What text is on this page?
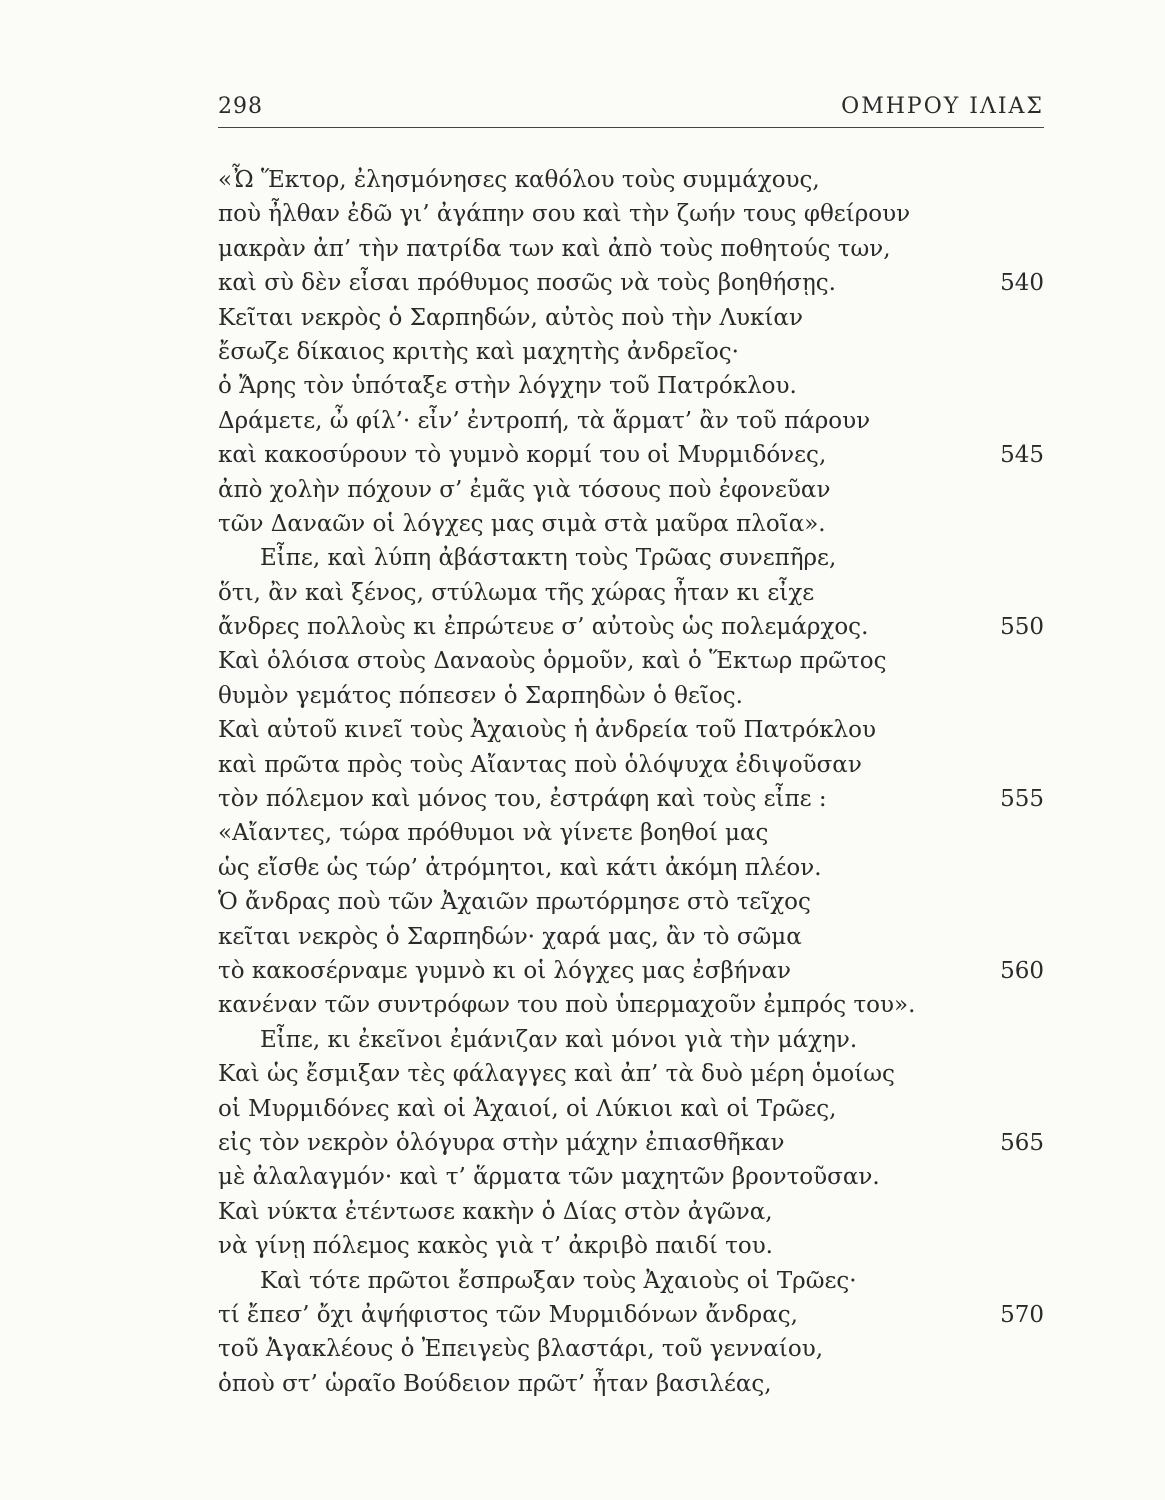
298	ΟΜΗΡΟΥ ΙΛΙΑΣ
«Ὦ Ἕκτορ, ἐλησμόνησες καθόλου τοὺς συμμάχους,
ποὺ ἦλθαν ἐδῶ γι’ ἀγάπην σου καὶ τὴν ζωήν τους φθείρουν
μακρὰν ἀπ’ τὴν πατρίδα των καὶ ἀπὸ τοὺς ποθητούς των,
καὶ σὺ δὲν εἶσαι πρόθυμος ποσῶς νὰ τοὺς βοηθήσῃς.	540
Κεῖται νεκρὸς ὁ Σαρπηδών, αὐτὸς ποὺ τὴν Λυκίαν
ἔσωζε δίκαιος κριτὴς καὶ μαχητὴς ἀνδρεῖος·
ὁ Ἄρης τὸν ὑπόταξε στὴν λόγχην τοῦ Πατρόκλου.
Δράμετε, ὦ φίλ’· εἶν’ ἐντροπή, τὰ ἅρματ’ ἂν τοῦ πάρουν
καὶ κακοσύρουν τὸ γυμνὸ κορμί του οἱ Μυρμιδόνες,	545
ἀπὸ χολὴν πόχουν σ’ ἐμᾶς γιὰ τόσους ποὺ ἐφονεῦαν
τῶν Δαναῶν οἱ λόγχες μας σιμὰ στὰ μαῦρα πλοῖα».
Εἶπε, καὶ λύπη ἀβάστακτη τοὺς Τρῶας συνεπῆρε,
ὅτι, ἂν καὶ ξένος, στύλωμα τῆς χώρας ἦταν κι εἶχε
ἄνδρες πολλοὺς κι ἐπρώτευε σ’ αὐτοὺς ὡς πολεμάρχος.	550
Καὶ ὁλόισα στοὺς Δαναοὺς ὁρμοῦν, καὶ ὁ Ἕκτωρ πρῶτος
θυμὸν γεμάτος πόπεσεν ὁ Σαρπηδὼν ὁ θεῖος.
Καὶ αὐτοῦ κινεῖ τοὺς Ἀχαιοὺς ἡ ἀνδρεία τοῦ Πατρόκλου
καὶ πρῶτα πρὸς τοὺς Αἴαντας ποὺ ὁλόψυχα ἐδιψοῦσαν
τὸν πόλεμον καὶ μόνος του, ἐστράφη καὶ τοὺς εἶπε :	555
«Αἴαντες, τώρα πρόθυμοι νὰ γίνετε βοηθοί μας
ὡς εἴσθε ὡς τώρ’ ἀτρόμητοι, καὶ κάτι ἀκόμη πλέον.
Ὁ ἄνδρας ποὺ τῶν Ἀχαιῶν πρωτόρμησε στὸ τεῖχος
κεῖται νεκρὸς ὁ Σαρπηδών· χαρά μας, ἂν τὸ σῶμα
τὸ κακοσέρναμε γυμνὸ κι οἱ λόγχες μας ἐσβήναν	560
κανέναν τῶν συντρόφων του ποὺ ὑπερμαχοῦν ἐμπρός του».
Εἶπε, κι ἐκεῖνοι ἐμάνιζαν καὶ μόνοι γιὰ τὴν μάχην.
Καὶ ὡς ἔσμιξαν τὲς φάλαγγες καὶ ἀπ’ τὰ δυὸ μέρη ὁμοίως
οἱ Μυρμιδόνες καὶ οἱ Ἀχαιοί, οἱ Λύκιοι καὶ οἱ Τρῶες,
εἰς τὸν νεκρὸν ὁλόγυρα στὴν μάχην ἐπιασθῆκαν	565
μὲ ἀλαλαγμόν· καὶ τ’ ἅρματα τῶν μαχητῶν βροντοῦσαν.
Καὶ νύκτα ἐτέντωσε κακὴν ὁ Δίας στὸν ἀγῶνα,
νὰ γίνῃ πόλεμος κακὸς γιὰ τ’ ἀκριβὸ παιδί του.
Καὶ τότε πρῶτοι ἔσπρωξαν τοὺς Ἀχαιοὺς οἱ Τρῶες·
τί ἔπεσ’ ὄχι ἀψήφιστος τῶν Μυρμιδόνων ἄνδρας,	570
τοῦ Ἀγακλέους ὁ Ἐπειγεὺς βλαστάρι, τοῦ γενναίου,
ὁποὺ στ’ ὡραῖο Βούδειον πρῶτ’ ἦταν βασιλέας,
